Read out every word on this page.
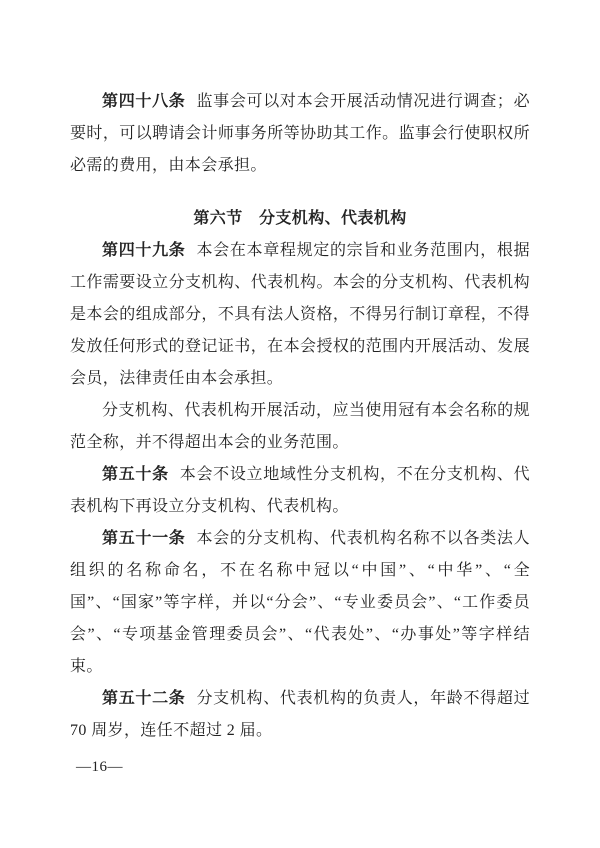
第四十八条 监事会可以对本会开展活动情况进行调查；必要时，可以聘请会计师事务所等协助其工作。监事会行使职权所必需的费用，由本会承担。

第六节　分支机构、代表机构

第四十九条 本会在本章程规定的宗旨和业务范围内，根据工作需要设立分支机构、代表机构。本会的分支机构、代表机构是本会的组成部分，不具有法人资格，不得另行制订章程，不得发放任何形式的登记证书，在本会授权的范围内开展活动、发展会员，法律责任由本会承担。

分支机构、代表机构开展活动，应当使用冠有本会名称的规范全称，并不得超出本会的业务范围。

第五十条 本会不设立地域性分支机构，不在分支机构、代表机构下再设立分支机构、代表机构。

第五十一条 本会的分支机构、代表机构名称不以各类法人组织的名称命名，不在名称中冠以“中国”、“中华”、“全国”、“国家”等字样，并以“分会”、“专业委员会”、“工作委员会”、“专项基金管理委员会”、“代表处”、“办事处”等字样结束。

第五十二条 分支机构、代表机构的负责人，年龄不得超过 70 周岁，连任不超过 2 届。

—16—
